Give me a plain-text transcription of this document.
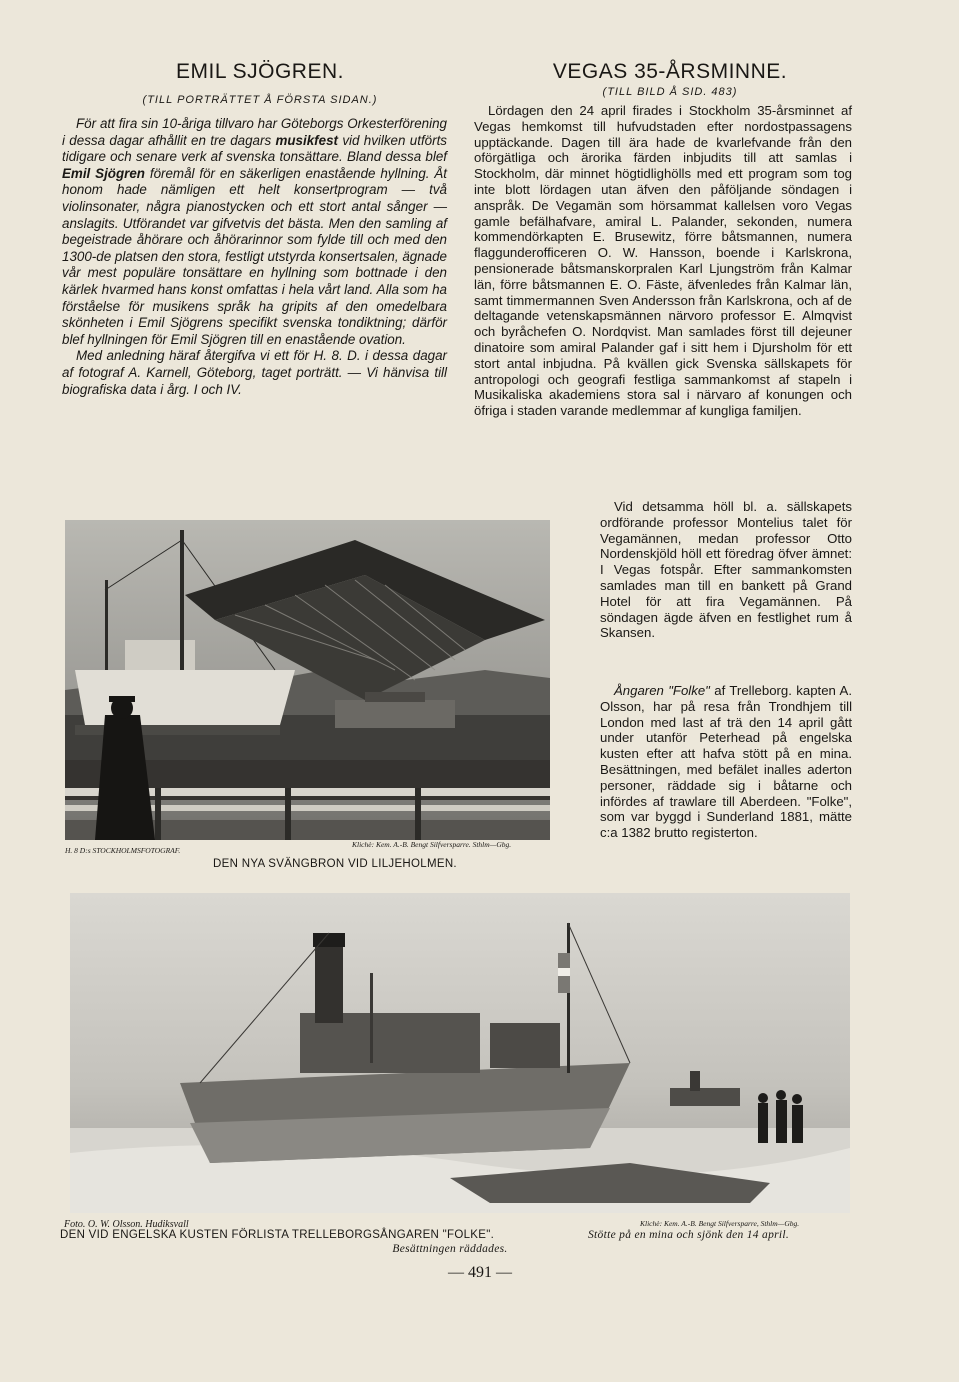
EMIL SJÖGREN.
(TILL PORTRÄTTET Å FÖRSTA SIDAN.)

För att fira sin 10-åriga tillvaro har Göteborgs Orkesterförening i dessa dagar afhållit en tre dagars musikfest vid hvilken utförts tidigare och senare verk af svenska tonsättare. Bland dessa blef Emil Sjögren föremål för en säkerligen enastående hyllning. Åt honom hade nämligen ett helt konsertprogram — två violinsonater, några pianostycken och ett stort antal sånger — anslagits. Utförandet var gifvetvis det bästa. Men den samling af begeistrade åhörare och åhörarinnor som fylde till och med den 1300-de platsen den stora, festligt utstyrda konsertsalen, ägnade vår mest populäre tonsättare en hyllning som bottnade i den kärlek hvarmed hans konst omfattas i hela vårt land. Alla som ha förståelse för musikens språk ha gripits af den omedelbara skönheten i Emil Sjögrens specifikt svenska tondiktning; därför blef hyllningen för Emil Sjögren till en enastående ovation.

Med anledning häraf återgifva vi ett för H. 8. D. i dessa dagar af fotograf A. Karnell, Göteborg, taget porträtt. — Vi hänvisa till biografiska data i årg. I och IV.

VEGAS 35-ÅRSMINNE.
(TILL BILD Å SID. 483)

Lördagen den 24 april firades i Stockholm 35-årsminnet af Vegas hemkomst till hufvudstaden efter nordostpassagens upptäckande. Dagen till ära hade de kvarlefvande från den oförgätliga och ärorika färden inbjudits till att samlas i Stockholm, där minnet högtidlighölls med ett program som tog inte blott lördagen utan äfven den påföljande söndagen i anspråk. De Vegamän som hörsammat kallelsen voro Vegas gamle befälhafvare, amiral L. Palander, sekonden, numera kommendörkapten E. Brusewitz, förre båtsmannen, numera flaggunderofficeren O. W. Hansson, boende i Karlskrona, pensionerade båtsmanskorpralen Karl Ljungström från Kalmar län, förre båtsmannen E. O. Fäste, äfvenledes från Kalmar län, samt timmermannen Sven Andersson från Karlskrona, och af de deltagande vetenskapsmännen närvoro professor E. Almqvist och byråchefen O. Nordqvist. Man samlades först till dejeuner dinatoire som amiral Palander gaf i sitt hem i Djursholm för ett stort antal inbjudna. På kvällen gick Svenska sällskapets för antropologi och geografi festliga sammankomst af stapeln i Musikaliska akademiens stora sal i närvaro af konungen och öfriga i staden varande medlemmar af kungliga familjen.

Vid detsamma höll bl. a. sällskapets ordförande professor Montelius talet för Vegamännen, medan professor Otto Nordenskjöld höll ett föredrag öfver ämnet: I Vegas fotspår. Efter sammankomsten samlades man till en bankett på Grand Hotel för att fira Vegamännen. På söndagen ägde äfven en festlighet rum å Skansen.

Ångaren "Folke" af Trelleborg. kapten A. Olsson, har på resa från Trondhjem till London med last af trä den 14 april gått under utanför Peterhead på engelska kusten efter att hafva stött på en mina. Besättningen, med befälet inalles aderton personer, räddade sig i båtarne och infördes af trawlare till Aberdeen. "Folke", som var byggd i Sunderland 1881, mätte c:a 1382 brutto registerton.

H. 8 D:s STOCKHOLMSFOTOGRAF.
Klichè: Kem. A.-B. Bengt Silfversparre. Sthlm—Gbg.
DEN NYA SVÄNGBRON VID LILJEHOLMEN.
Foto. O. W. Olsson. Hudiksvall	Klichè: Kem. A.-B. Bengt Silfversparre, Sthlm—Gbg.
DEN VID ENGELSKA KUSTEN FÖRLISTA TRELLEBORGSÅNGAREN "FOLKE".	Stötte på en mina och sjönk den 14 april.
Besättningen räddades.
— 491 —
